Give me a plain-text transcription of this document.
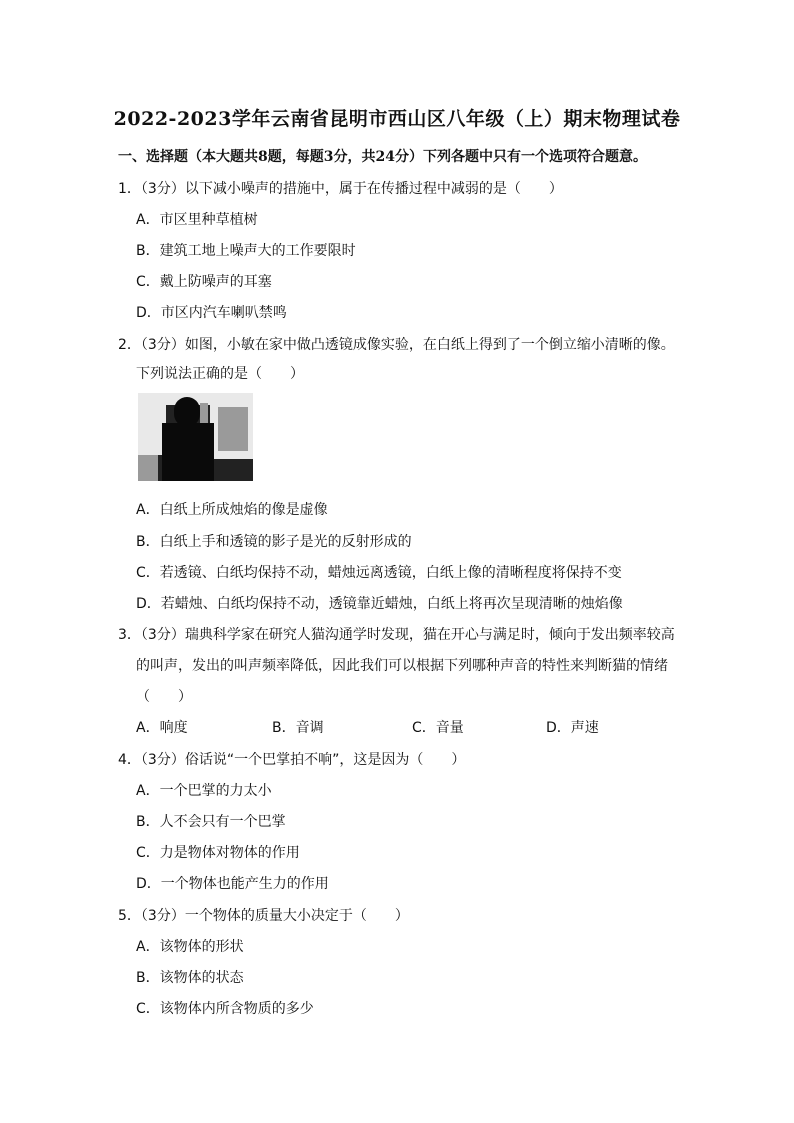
2022-2023学年云南省昆明市西山区八年级（上）期末物理试卷
一、选择题（本大题共8题，每题3分，共24分）下列各题中只有一个选项符合题意。
1．（3分）以下减小噪声的措施中，属于在传播过程中减弱的是（　　）
A．市区里种草植树
B．建筑工地上噪声大的工作要限时
C．戴上防噪声的耳塞
D．市区内汽车喇叭禁鸣
2．（3分）如图，小敏在家中做凸透镜成像实验，在白纸上得到了一个倒立缩小清晰的像。
下列说法正确的是（　　）
A．白纸上所成烛焰的像是虚像
B．白纸上手和透镜的影子是光的反射形成的
C．若透镜、白纸均保持不动，蜡烛远离透镜，白纸上像的清晰程度将保持不变
D．若蜡烛、白纸均保持不动，透镜靠近蜡烛，白纸上将再次呈现清晰的烛焰像
3．（3分）瑞典科学家在研究人猫沟通学时发现，猫在开心与满足时，倾向于发出频率较高
的叫声，发出的叫声频率降低，因此我们可以根据下列哪种声音的特性来判断猫的情绪
（　　）
A．响度	B．音调	C．音量	D．声速
4．（3分）俗话说“一个巴掌拍不响”，这是因为（　　）
A．一个巴掌的力太小
B．人不会只有一个巴掌
C．力是物体对物体的作用
D．一个物体也能产生力的作用
5．（3分）一个物体的质量大小决定于（　　）
A．该物体的形状
B．该物体的状态
C．该物体内所含物质的多少
